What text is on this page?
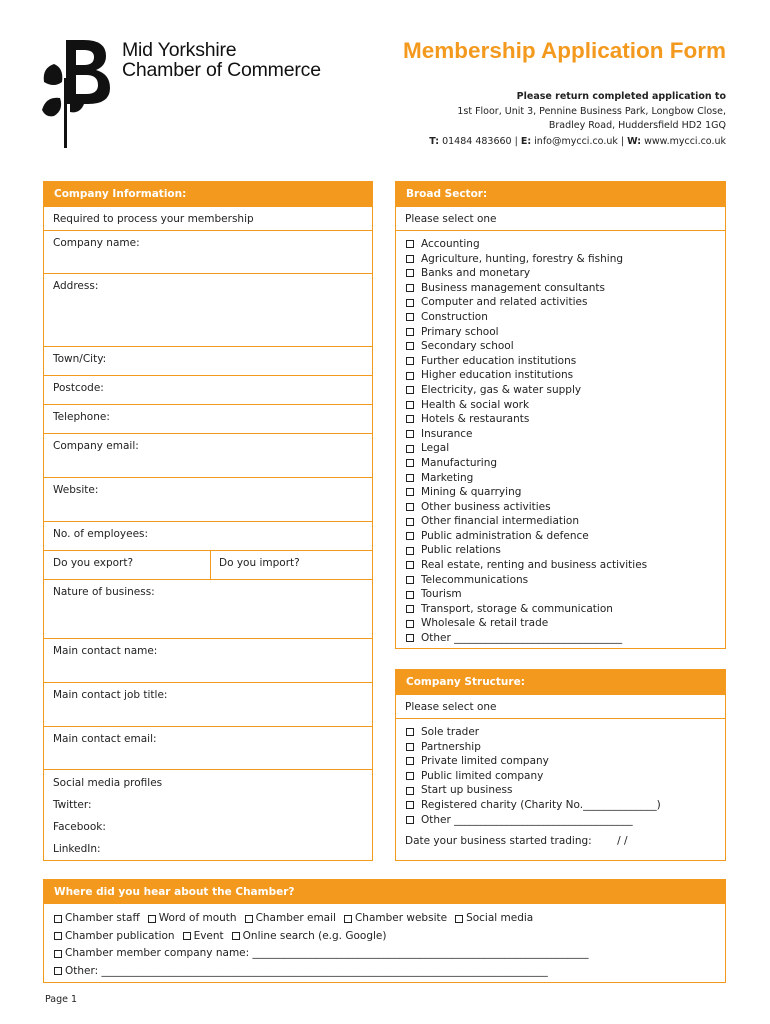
Mid Yorkshire
Chamber of Commerce
Membership Application Form
Please return completed application to
1st Floor, Unit 3, Pennine Business Park, Longbow Close,
Bradley Road, Huddersfield HD2 1GQ
T: 01484 483660 | E: info@mycci.co.uk | W: www.mycci.co.uk
Company Information:
Required to process your membership
Company name:
Address:
Town/City:
Postcode:
Telephone:
Company email:
Website:
No. of employees:
Do you export?	Do you import?
Nature of business:
Main contact name:
Main contact job title:
Main contact email:
Social media profiles
Twitter:
Facebook:
LinkedIn:
Broad Sector:
Please select one
Accounting
Agriculture, hunting, forestry & fishing
Banks and monetary
Business management consultants
Computer and related activities
Construction
Primary school
Secondary school
Further education institutions
Higher education institutions
Electricity, gas & water supply
Health & social work
Hotels & restaurants
Insurance
Legal
Manufacturing
Marketing
Mining & quarrying
Other business activities
Other financial intermediation
Public administration & defence
Public relations
Real estate, renting and business activities
Telecommunications
Tourism
Transport, storage & communication
Wholesale & retail trade
Other ________________________________
Company Structure:
Please select one
Sole trader
Partnership
Private limited company
Public limited company
Start up business
Registered charity (Charity No.______________)
Other __________________________________
Date your business started trading: / /
Where did you hear about the Chamber?
Chamber staff Word of mouth Chamber email Chamber website Social media
Chamber publication Event Online search (e.g. Google)
Chamber member company name: ________________________________________________________________
Other: _____________________________________________________________________________________
Page 1
